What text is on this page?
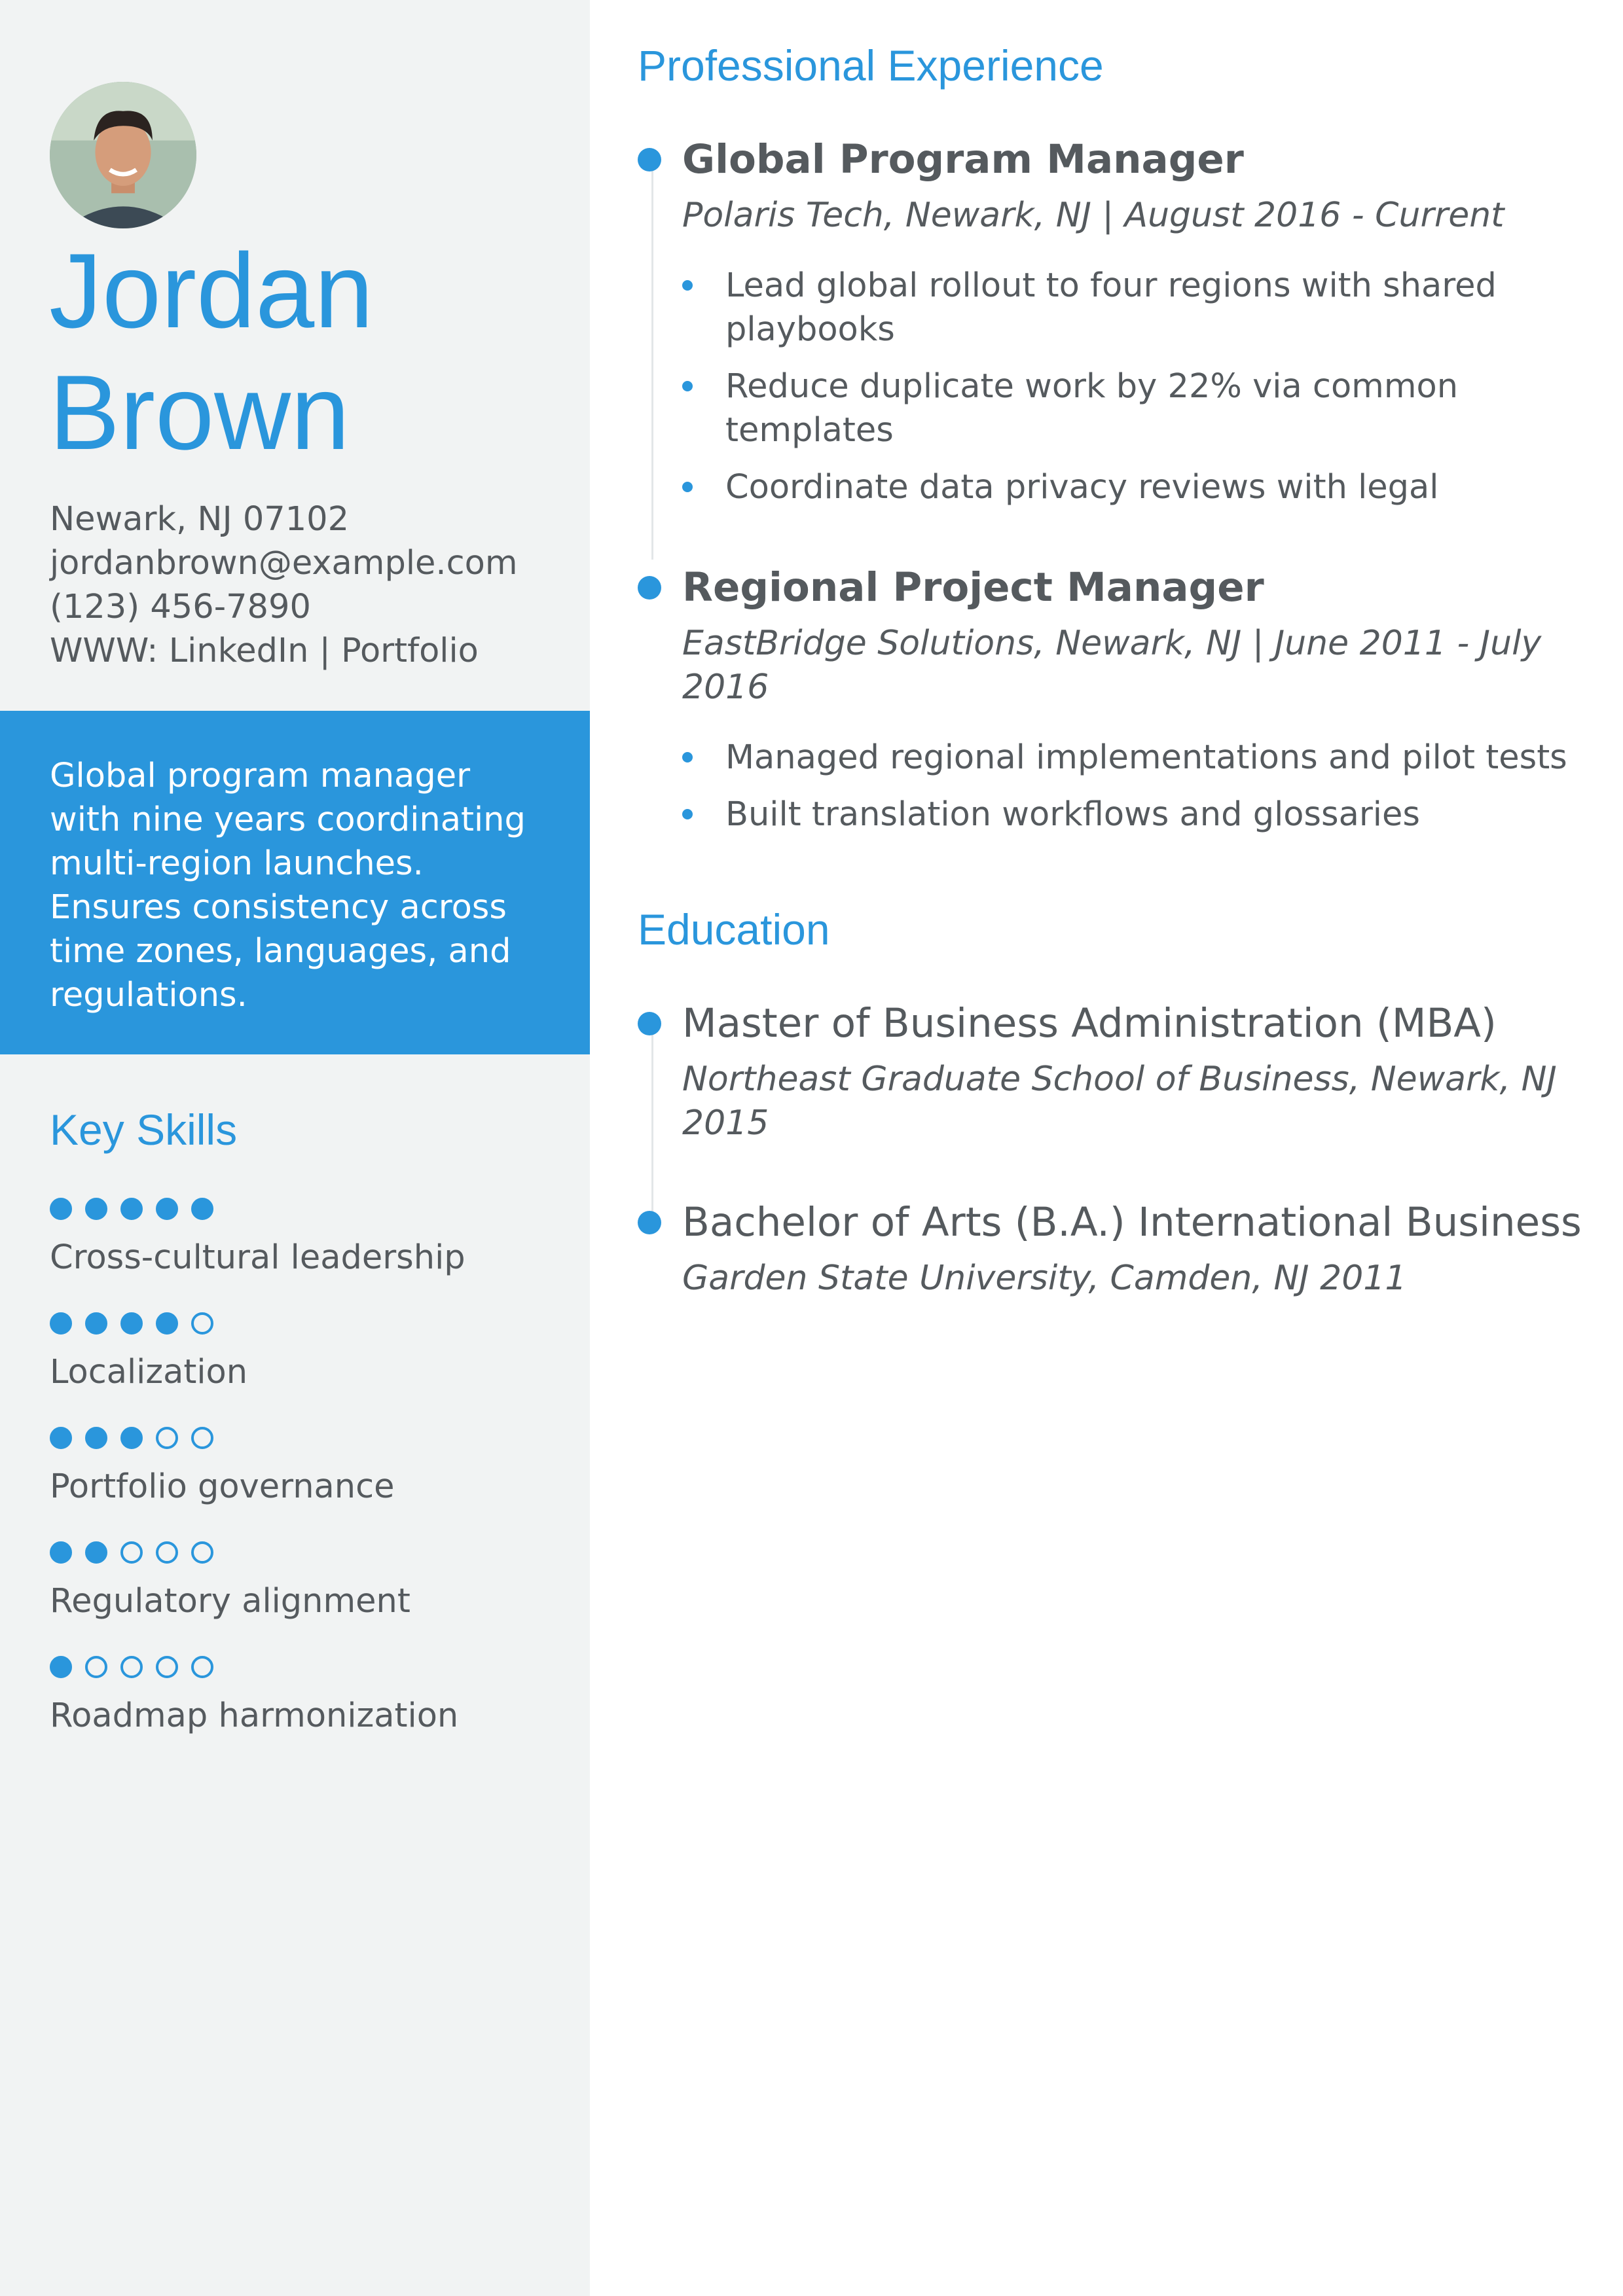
Jordan
Brown
Newark, NJ 07102
jordanbrown@example.com
(123) 456-7890
WWW: LinkedIn | Portfolio

Global program manager with nine years coordinating multi-region launches. Ensures consistency across time zones, languages, and regulations.

Key Skills
Cross-cultural leadership
Localization
Portfolio governance
Regulatory alignment
Roadmap harmonization
Professional Experience
Global Program Manager

Polaris Tech, Newark, NJ | August 2016 - Current

Lead global rollout to four regions with shared playbooks
Reduce duplicate work by 22% via common templates
Coordinate data privacy reviews with legal
Regional Project Manager

EastBridge Solutions, Newark, NJ | June 2011 - July 2016

Managed regional implementations and pilot tests
Built translation workflows and glossaries
Education
Master of Business Administration (MBA)

Northeast Graduate School of Business, Newark, NJ 2015

Bachelor of Arts (B.A.) International Business

Garden State University, Camden, NJ 2011
